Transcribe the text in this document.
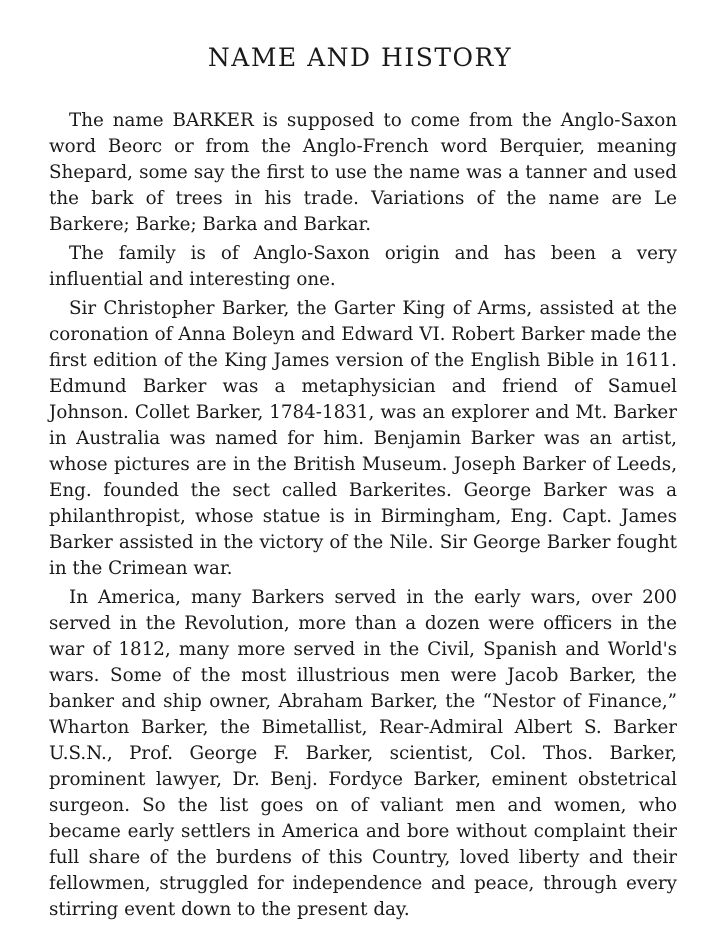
NAME AND HISTORY

The name BARKER is supposed to come from the Anglo-Saxon word Beorc or from the Anglo-French word Berquier, meaning Shepard, some say the first to use the name was a tanner and used the bark of trees in his trade. Variations of the name are Le Barkere; Barke; Barka and Barkar.

The family is of Anglo-Saxon origin and has been a very influential and interesting one.

Sir Christopher Barker, the Garter King of Arms, assisted at the coronation of Anna Boleyn and Edward VI. Robert Barker made the first edition of the King James version of the English Bible in 1611. Edmund Barker was a metaphysician and friend of Samuel Johnson. Collet Barker, 1784-1831, was an explorer and Mt. Barker in Australia was named for him. Benjamin Barker was an artist, whose pictures are in the British Museum. Joseph Barker of Leeds, Eng. founded the sect called Barkerites. George Barker was a philanthropist, whose statue is in Birmingham, Eng. Capt. James Barker assisted in the victory of the Nile. Sir George Barker fought in the Crimean war.

In America, many Barkers served in the early wars, over 200 served in the Revolution, more than a dozen were officers in the war of 1812, many more served in the Civil, Spanish and World's wars. Some of the most illustrious men were Jacob Barker, the banker and ship owner, Abraham Barker, the “Nestor of Finance,” Wharton Barker, the Bimetallist, Rear-Admiral Albert S. Barker U.S.N., Prof. George F. Barker, scientist, Col. Thos. Barker, prominent lawyer, Dr. Benj. Fordyce Barker, eminent obstetrical surgeon. So the list goes on of valiant men and women, who became early settlers in America and bore without complaint their full share of the burdens of this Country, loved liberty and their fellowmen, struggled for independence and peace, through every stirring event down to the present day.
